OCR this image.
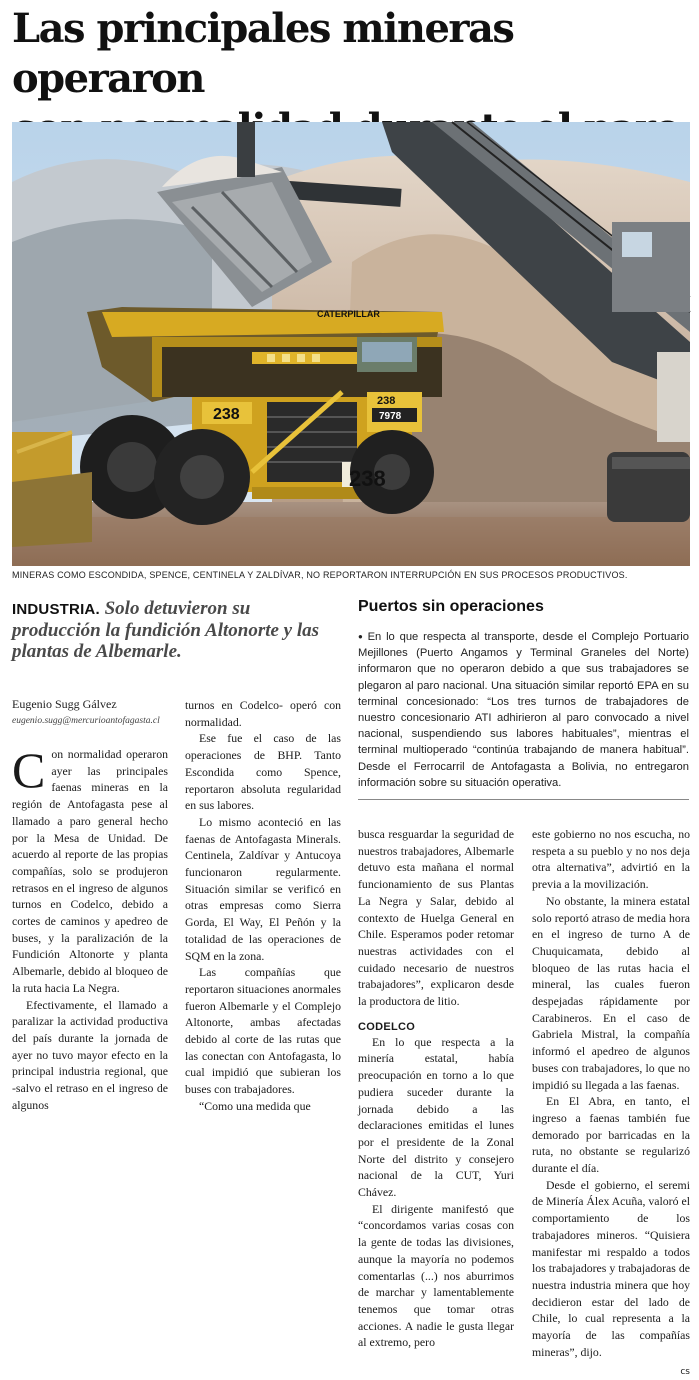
Las principales mineras operaron

CATERPILLAR
238
238
7978
238
MINERAS COMO ESCONDIDA, SPENCE, CENTINELA Y ZALDÍVAR, NO REPORTARON INTERRUPCIÓN EN SUS PROCESOS PRODUCTIVOS.
INDUSTRIA. Solo detuvieron su producción la fundición Altonorte y las plantas de Albemarle.
Eugenio Sugg Gálvez
eugenio.sugg@mercurioantofagasta.cl

Con normalidad operaron ayer las principales faenas mineras en la región de Antofagasta pese al llamado a paro general hecho por la Mesa de Unidad. De acuerdo al reporte de las propias compañías, solo se produjeron retrasos en el ingreso de algunos turnos en Codelco, debido a cortes de caminos y apedreo de buses, y la paralización de la Fundición Altonorte y planta Albemarle, debido al bloqueo de la ruta hacia La Negra.

Efectivamente, el llamado a paralizar la actividad productiva del país durante la jornada de ayer no tuvo mayor efecto en la principal industria regional, que -salvo el retraso en el ingreso de algunos

turnos en Codelco- operó con normalidad.

Ese fue el caso de las operaciones de BHP. Tanto Escondida como Spence, reportaron absoluta regularidad en sus labores.

Lo mismo aconteció en las faenas de Antofagasta Minerals. Centinela, Zaldívar y Antucoya funcionaron regularmente. Situación similar se verificó en otras empresas como Sierra Gorda, El Way, El Peñón y la totalidad de las operaciones de SQM en la zona.

Las compañías que reportaron situaciones anormales fueron Albemarle y el Complejo Altonorte, ambas afectadas debido al corte de las rutas que las conectan con Antofagasta, lo cual impidió que subieran los buses con trabajadores.

“Como una medida que

Puertos sin operaciones

● En lo que respecta al transporte, desde el Complejo Portuario Mejillones (Puerto Angamos y Terminal Graneles del Norte) informaron que no operaron debido a que sus trabajadores se plegaron al paro nacional. Una situación similar reportó EPA en su terminal concesionado: “Los tres turnos de trabajadores de nuestro concesionario ATI adhirieron al paro convocado a nivel nacional, suspendiendo sus labores habituales”, mientras el terminal multioperado “continúa trabajando de manera habitual”. Desde el Ferrocarril de Antofagasta a Bolivia, no entregaron información sobre su situación operativa.

busca resguardar la seguridad de nuestros trabajadores, Albemarle detuvo esta mañana el normal funcionamiento de sus Plantas La Negra y Salar, debido al contexto de Huelga General en Chile. Esperamos poder retomar nuestras actividades con el cuidado necesario de nuestros trabajadores”, explicaron desde la productora de litio.

CODELCO

En lo que respecta a la minería estatal, había preocupación en torno a lo que pudiera suceder durante la jornada debido a las declaraciones emitidas el lunes por el presidente de la Zonal Norte del distrito y consejero nacional de la CUT, Yuri Chávez.

El dirigente manifestó que “concordamos varias cosas con la gente de todas las divisiones, aunque la mayoría no podemos comentarlas (...) nos aburrimos de marchar y lamentablemente tenemos que tomar otras acciones. A nadie le gusta llegar al extremo, pero

este gobierno no nos escucha, no respeta a su pueblo y no nos deja otra alternativa”, advirtió en la previa a la movilización.

No obstante, la minera estatal solo reportó atraso de media hora en el ingreso de turno A de Chuquicamata, debido al bloqueo de las rutas hacia el mineral, las cuales fueron despejadas rápidamente por Carabineros. En el caso de Gabriela Mistral, la compañía informó el apedreo de algunos buses con trabajadores, lo que no impidió su llegada a las faenas.

En El Abra, en tanto, el ingreso a faenas también fue demorado por barricadas en la ruta, no obstante se regularizó durante el día.

Desde el gobierno, el seremi de Minería Álex Acuña, valoró el comportamiento de los trabajadores mineros. “Quisiera manifestar mi respaldo a todos los trabajadores y trabajadoras de nuestra industria minera que hoy decidieron estar del lado de Chile, lo cual representa a la mayoría de las compañías mineras”, dijo.

cs
